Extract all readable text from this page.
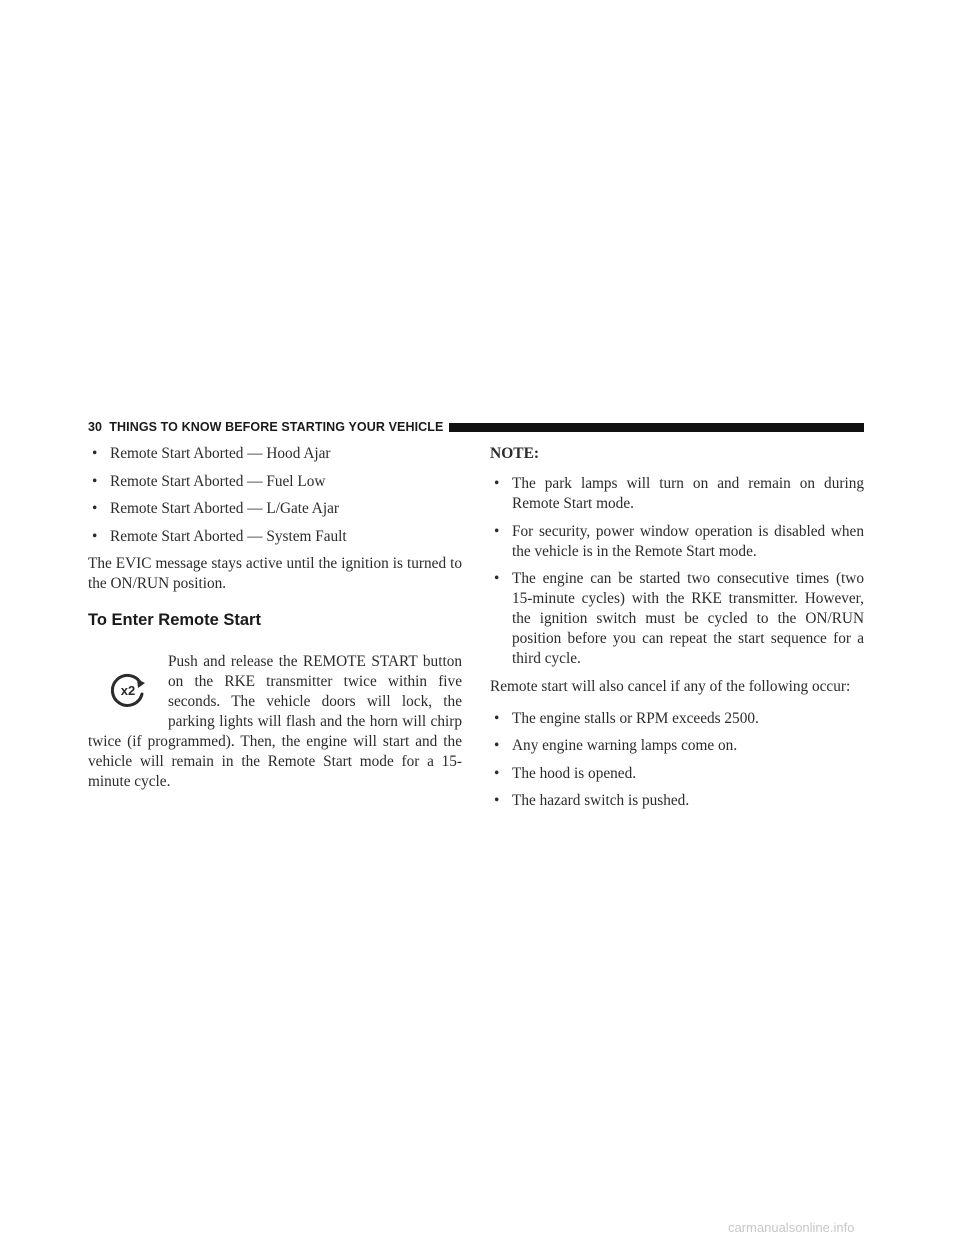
30 THINGS TO KNOW BEFORE STARTING YOUR VEHICLE
• Remote Start Aborted — Hood Ajar
• Remote Start Aborted — Fuel Low
• Remote Start Aborted — L/Gate Ajar
• Remote Start Aborted — System Fault

The EVIC message stays active until the ignition is turned to the ON/RUN position.

To Enter Remote Start
x2
Push and release the REMOTE START button on the RKE transmitter twice within five seconds. The vehicle doors will lock, the parking lights will flash and the horn will chirp twice (if programmed). Then, the engine will start and the vehicle will remain in the Remote Start mode for a 15-minute cycle.
NOTE:
• The park lamps will turn on and remain on during Remote Start mode.
• For security, power window operation is disabled when the vehicle is in the Remote Start mode.
• The engine can be started two consecutive times (two 15-minute cycles) with the RKE transmitter. However, the ignition switch must be cycled to the ON/RUN position before you can repeat the start sequence for a third cycle.

Remote start will also cancel if any of the following occur:

• The engine stalls or RPM exceeds 2500.
• Any engine warning lamps come on.
• The hood is opened.
• The hazard switch is pushed.
carmanualsonline.info
